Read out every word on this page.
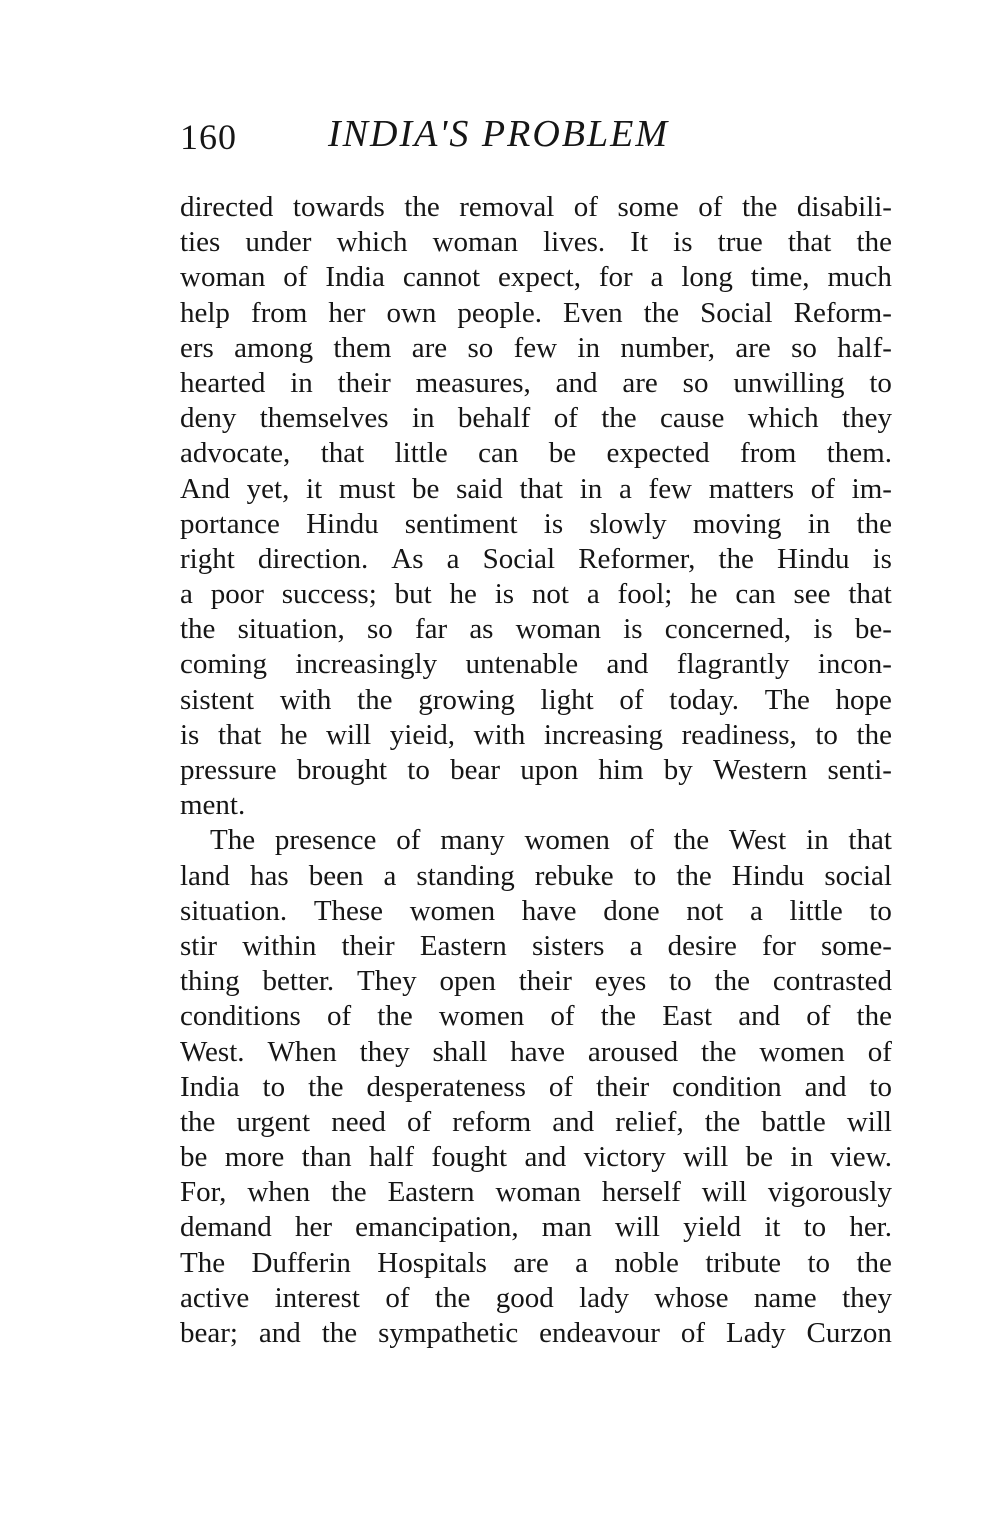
160 INDIA'S PROBLEM
directed towards the removal of some of the disabili-
ties under which woman lives. It is true that the
woman of India cannot expect, for a long time, much
help from her own people. Even the Social Reform-
ers among them are so few in number, are so half-
hearted in their measures, and are so unwilling to
deny themselves in behalf of the cause which they
advocate, that little can be expected from them.
And yet, it must be said that in a few matters of im-
portance Hindu sentiment is slowly moving in the
right direction. As a Social Reformer, the Hindu is
a poor success; but he is not a fool; he can see that
the situation, so far as woman is concerned, is be-
coming increasingly untenable and flagrantly incon-
sistent with the growing light of today. The hope
is that he will yieid, with increasing readiness, to the
pressure brought to bear upon him by Western senti-
ment.
The presence of many women of the West in that
land has been a standing rebuke to the Hindu social
situation. These women have done not a little to
stir within their Eastern sisters a desire for some-
thing better. They open their eyes to the contrasted
conditions of the women of the East and of the
West. When they shall have aroused the women of
India to the desperateness of their condition and to
the urgent need of reform and relief, the battle will
be more than half fought and victory will be in view.
For, when the Eastern woman herself will vigorously
demand her emancipation, man will yield it to her.
The Dufferin Hospitals are a noble tribute to the
active interest of the good lady whose name they
bear; and the sympathetic endeavour of Lady Curzon
